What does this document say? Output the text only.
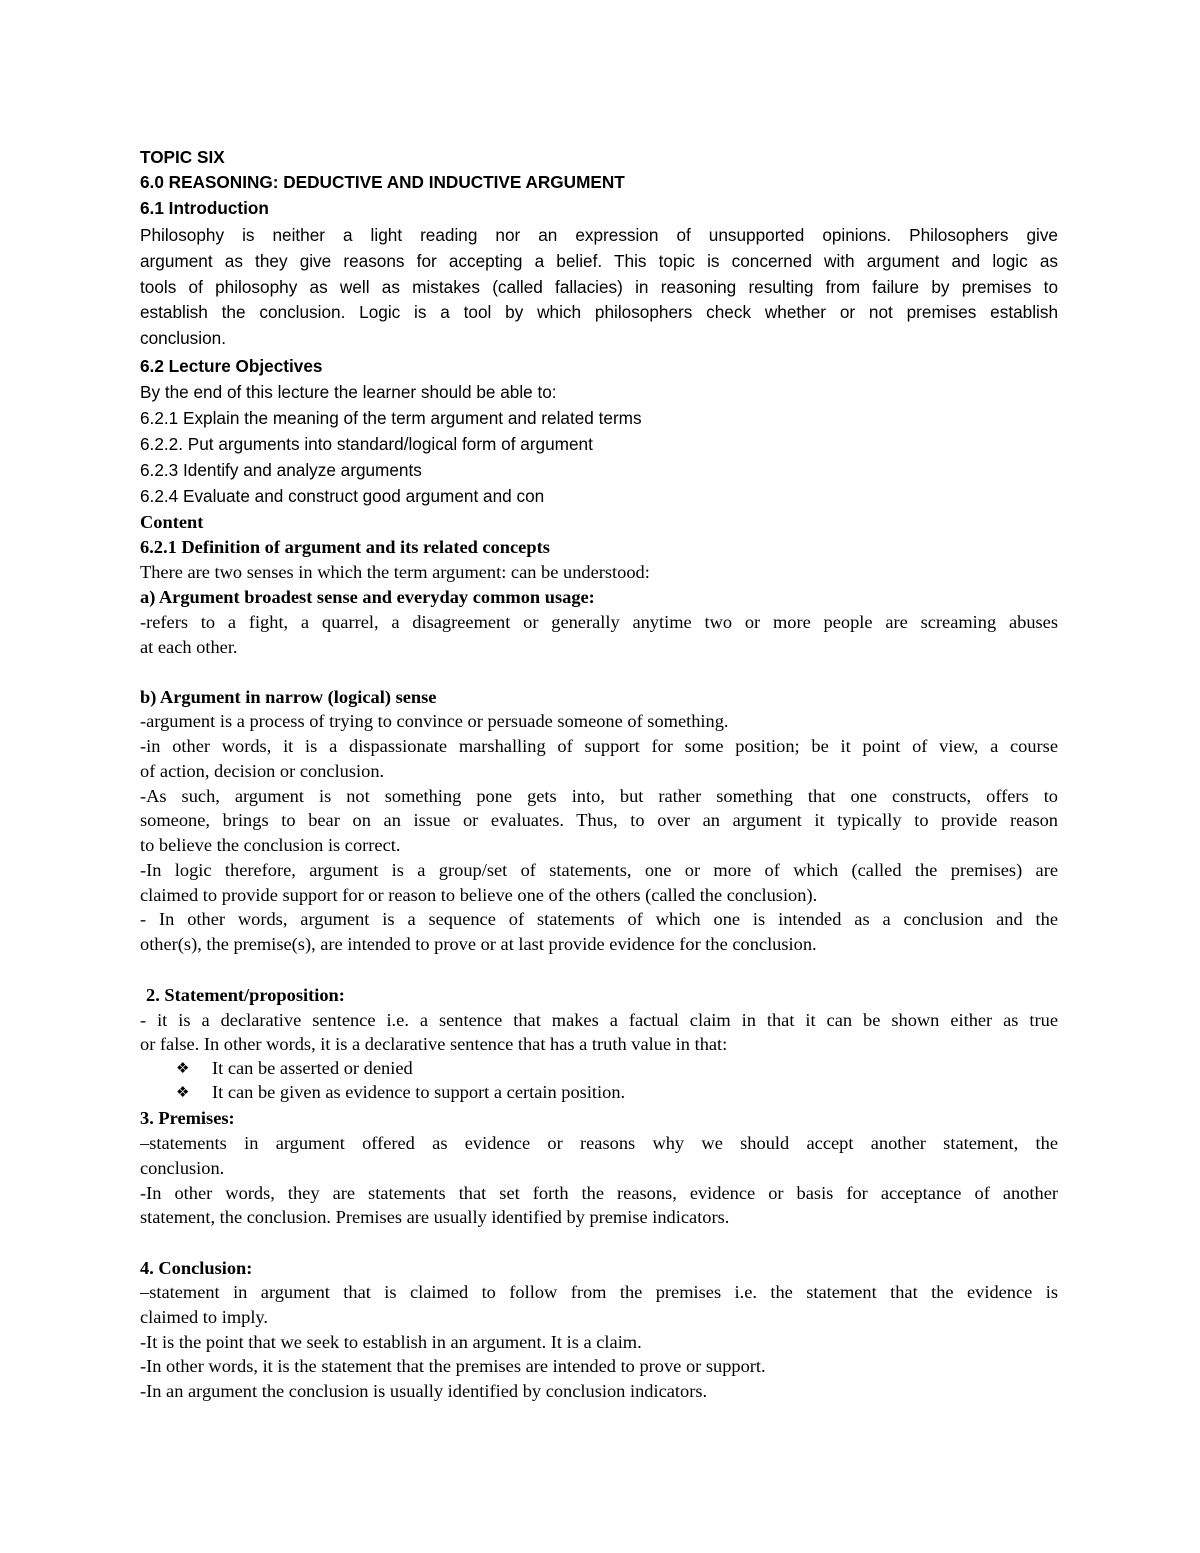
TOPIC SIX

6.0 REASONING: DEDUCTIVE AND INDUCTIVE ARGUMENT

6.1 Introduction

Philosophy is neither a light reading nor an expression of unsupported opinions. Philosophers give

argument as they give reasons for accepting a belief. This topic is concerned with argument and logic as

tools of philosophy as well as mistakes (called fallacies) in reasoning resulting from failure by premises to

establish the conclusion. Logic is a tool by which philosophers check whether or not premises establish

conclusion.

6.2 Lecture Objectives

By the end of this lecture the learner should be able to:

6.2.1 Explain the meaning of the term argument and related terms

6.2.2. Put arguments into standard/logical form of argument

6.2.3 Identify and analyze arguments

6.2.4 Evaluate and construct good argument and con

Content

6.2.1 Definition of argument and its related concepts

There are two senses in which the term argument: can be understood:

a) Argument broadest sense and everyday common usage:

-refers to a fight, a quarrel, a disagreement or generally anytime two or more people are screaming abuses

at each other.

b) Argument in narrow (logical) sense

-argument is a process of trying to convince or persuade someone of something.

-in other words, it is a dispassionate marshalling of support for some position; be it point of view, a course

of action, decision or conclusion.

-As such, argument is not something pone gets into, but rather something that one constructs, offers to

someone, brings to bear on an issue or evaluates. Thus, to over an argument it typically to provide reason

to believe the conclusion is correct.

-In logic therefore, argument is a group/set of statements, one or more of which (called the premises) are

claimed to provide support for or reason to believe one of the others (called the conclusion).

- In other words, argument is a sequence of statements of which one is intended as a conclusion and the

other(s), the premise(s), are intended to prove or at last provide evidence for the conclusion.

2. Statement/proposition:

- it is a declarative sentence i.e. a sentence that makes a factual claim in that it can be shown either as true

or false. In other words, it is a declarative sentence that has a truth value in that:

❖	It can be asserted or denied

❖	It can be given as evidence to support a certain position.

3. Premises:

–statements in argument offered as evidence or reasons why we should accept another statement, the

conclusion.

-In other words, they are statements that set forth the reasons, evidence or basis for acceptance of another

statement, the conclusion. Premises are usually identified by premise indicators.

4. Conclusion:

–statement in argument that is claimed to follow from the premises i.e. the statement that the evidence is

claimed to imply.

-It is the point that we seek to establish in an argument. It is a claim.

-In other words, it is the statement that the premises are intended to prove or support.

-In an argument the conclusion is usually identified by conclusion indicators.
